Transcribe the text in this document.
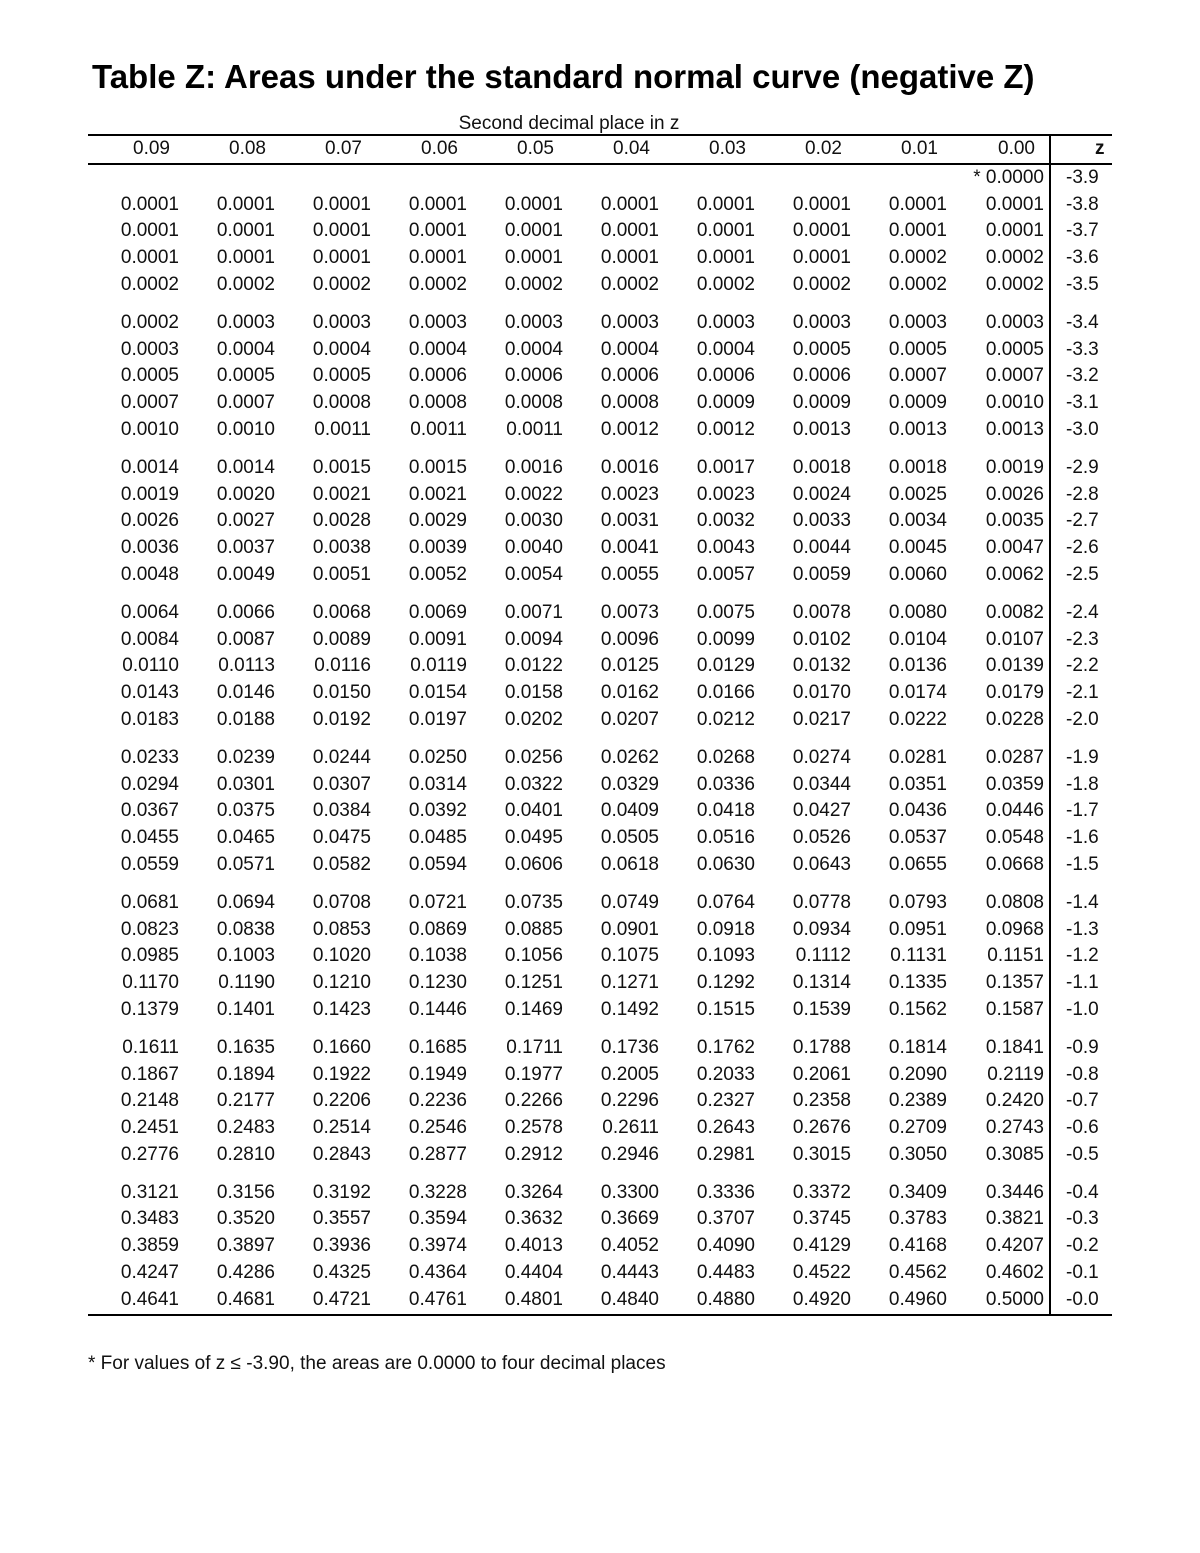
Table Z: Areas under the standard normal curve (negative Z)
Second decimal place in z
0.09	0.08	0.07	0.06	0.05	0.04	0.03	0.02	0.01	0.00	z
									* 0.0000	-3.9
0.0001	0.0001	0.0001	0.0001	0.0001	0.0001	0.0001	0.0001	0.0001	0.0001	-3.8
0.0001	0.0001	0.0001	0.0001	0.0001	0.0001	0.0001	0.0001	0.0001	0.0001	-3.7
0.0001	0.0001	0.0001	0.0001	0.0001	0.0001	0.0001	0.0001	0.0002	0.0002	-3.6
0.0002	0.0002	0.0002	0.0002	0.0002	0.0002	0.0002	0.0002	0.0002	0.0002	-3.5
0.0002	0.0003	0.0003	0.0003	0.0003	0.0003	0.0003	0.0003	0.0003	0.0003	-3.4
0.0003	0.0004	0.0004	0.0004	0.0004	0.0004	0.0004	0.0005	0.0005	0.0005	-3.3
0.0005	0.0005	0.0005	0.0006	0.0006	0.0006	0.0006	0.0006	0.0007	0.0007	-3.2
0.0007	0.0007	0.0008	0.0008	0.0008	0.0008	0.0009	0.0009	0.0009	0.0010	-3.1
0.0010	0.0010	0.0011	0.0011	0.0011	0.0012	0.0012	0.0013	0.0013	0.0013	-3.0
0.0014	0.0014	0.0015	0.0015	0.0016	0.0016	0.0017	0.0018	0.0018	0.0019	-2.9
0.0019	0.0020	0.0021	0.0021	0.0022	0.0023	0.0023	0.0024	0.0025	0.0026	-2.8
0.0026	0.0027	0.0028	0.0029	0.0030	0.0031	0.0032	0.0033	0.0034	0.0035	-2.7
0.0036	0.0037	0.0038	0.0039	0.0040	0.0041	0.0043	0.0044	0.0045	0.0047	-2.6
0.0048	0.0049	0.0051	0.0052	0.0054	0.0055	0.0057	0.0059	0.0060	0.0062	-2.5
0.0064	0.0066	0.0068	0.0069	0.0071	0.0073	0.0075	0.0078	0.0080	0.0082	-2.4
0.0084	0.0087	0.0089	0.0091	0.0094	0.0096	0.0099	0.0102	0.0104	0.0107	-2.3
0.0110	0.0113	0.0116	0.0119	0.0122	0.0125	0.0129	0.0132	0.0136	0.0139	-2.2
0.0143	0.0146	0.0150	0.0154	0.0158	0.0162	0.0166	0.0170	0.0174	0.0179	-2.1
0.0183	0.0188	0.0192	0.0197	0.0202	0.0207	0.0212	0.0217	0.0222	0.0228	-2.0
0.0233	0.0239	0.0244	0.0250	0.0256	0.0262	0.0268	0.0274	0.0281	0.0287	-1.9
0.0294	0.0301	0.0307	0.0314	0.0322	0.0329	0.0336	0.0344	0.0351	0.0359	-1.8
0.0367	0.0375	0.0384	0.0392	0.0401	0.0409	0.0418	0.0427	0.0436	0.0446	-1.7
0.0455	0.0465	0.0475	0.0485	0.0495	0.0505	0.0516	0.0526	0.0537	0.0548	-1.6
0.0559	0.0571	0.0582	0.0594	0.0606	0.0618	0.0630	0.0643	0.0655	0.0668	-1.5
0.0681	0.0694	0.0708	0.0721	0.0735	0.0749	0.0764	0.0778	0.0793	0.0808	-1.4
0.0823	0.0838	0.0853	0.0869	0.0885	0.0901	0.0918	0.0934	0.0951	0.0968	-1.3
0.0985	0.1003	0.1020	0.1038	0.1056	0.1075	0.1093	0.1112	0.1131	0.1151	-1.2
0.1170	0.1190	0.1210	0.1230	0.1251	0.1271	0.1292	0.1314	0.1335	0.1357	-1.1
0.1379	0.1401	0.1423	0.1446	0.1469	0.1492	0.1515	0.1539	0.1562	0.1587	-1.0
0.1611	0.1635	0.1660	0.1685	0.1711	0.1736	0.1762	0.1788	0.1814	0.1841	-0.9
0.1867	0.1894	0.1922	0.1949	0.1977	0.2005	0.2033	0.2061	0.2090	0.2119	-0.8
0.2148	0.2177	0.2206	0.2236	0.2266	0.2296	0.2327	0.2358	0.2389	0.2420	-0.7
0.2451	0.2483	0.2514	0.2546	0.2578	0.2611	0.2643	0.2676	0.2709	0.2743	-0.6
0.2776	0.2810	0.2843	0.2877	0.2912	0.2946	0.2981	0.3015	0.3050	0.3085	-0.5
0.3121	0.3156	0.3192	0.3228	0.3264	0.3300	0.3336	0.3372	0.3409	0.3446	-0.4
0.3483	0.3520	0.3557	0.3594	0.3632	0.3669	0.3707	0.3745	0.3783	0.3821	-0.3
0.3859	0.3897	0.3936	0.3974	0.4013	0.4052	0.4090	0.4129	0.4168	0.4207	-0.2
0.4247	0.4286	0.4325	0.4364	0.4404	0.4443	0.4483	0.4522	0.4562	0.4602	-0.1
0.4641	0.4681	0.4721	0.4761	0.4801	0.4840	0.4880	0.4920	0.4960	0.5000	-0.0
* For values of z ≤ -3.90, the areas are 0.0000 to four decimal places
